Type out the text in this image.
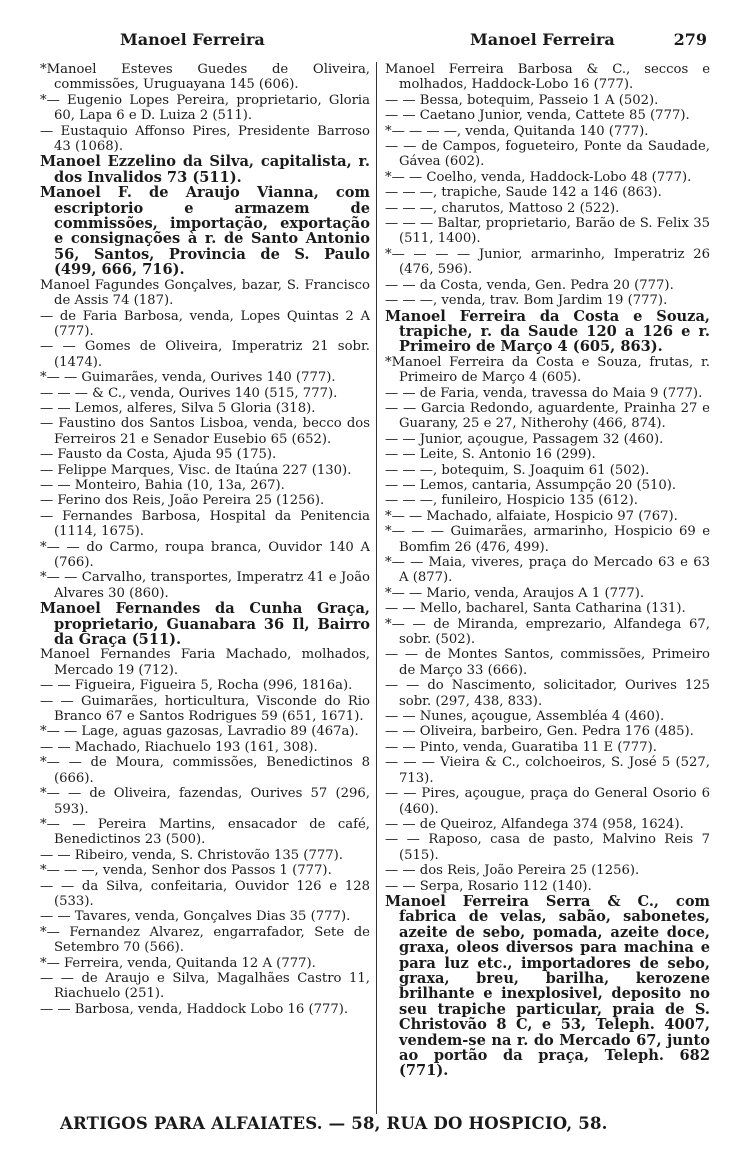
Manoel Ferreira	Manoel Ferreira	279

*Manoel Esteves Guedes de Oliveira, commissões, Uruguayana 145 (606).

*— Eugenio Lopes Pereira, proprietario, Gloria 60, Lapa 6 e D. Luiza 2 (511).

— Eustaquio Affonso Pires, Presidente Barroso 43 (1068).

Manoel Ezzelino da Silva, capitalista, r. dos Invalidos 73 (511).

Manoel F. de Araujo Vianna, com escriptorio e armazem de commissões, importação, exportação e consignações à r. de Santo Antonio 56, Santos, Provincia de S. Paulo (499, 666, 716).

Manoel Fagundes Gonçalves, bazar, S. Francisco de Assis 74 (187).

— de Faria Barbosa, venda, Lopes Quintas 2 A (777).

— — Gomes de Oliveira, Imperatriz 21 sobr. (1474).

*— — Guimarães, venda, Ourives 140 (777).

— — — & C., venda, Ourives 140 (515, 777).

— — Lemos, alferes, Silva 5 Gloria (318).

— Faustino dos Santos Lisboa, venda, becco dos Ferreiros 21 e Senador Eusebio 65 (652).

— Fausto da Costa, Ajuda 95 (175).

— Felippe Marques, Visc. de Itaúna 227 (130).

— — Monteiro, Bahia (10, 13a, 267).

— Ferino dos Reis, João Pereira 25 (1256).

— Fernandes Barbosa, Hospital da Penitencia (1114, 1675).

*— — do Carmo, roupa branca, Ouvidor 140 A (766).

*— — Carvalho, transportes, Imperatrz 41 e João Alvares 30 (860).

Manoel Fernandes da Cunha Graça, proprietario, Guanabara 36 Il, Bairro da Graça (511).

Manoel Fernandes Faria Machado, molhados, Mercado 19 (712).

— — Figueira, Figueira 5, Rocha (996, 1816a).

— — Guimarães, horticultura, Visconde do Rio Branco 67 e Santos Rodrigues 59 (651, 1671).

*— — Lage, aguas gazosas, Lavradio 89 (467a).

— — Machado, Riachuelo 193 (161, 308).

*— — de Moura, commissões, Benedictinos 8 (666).

*— — de Oliveira, fazendas, Ourives 57 (296, 593).

*— — Pereira Martins, ensacador de café, Benedictinos 23 (500).

— — Ribeiro, venda, S. Christovão 135 (777).

*— — —, venda, Senhor dos Passos 1 (777).

— — da Silva, confeitaria, Ouvidor 126 e 128 (533).

— — Tavares, venda, Gonçalves Dias 35 (777).

*— Fernandez Alvarez, engarrafador, Sete de Setembro 70 (566).

*— Ferreira, venda, Quitanda 12 A (777).

— — de Araujo e Silva, Magalhães Castro 11, Riachuelo (251).

— — Barbosa, venda, Haddock Lobo 16 (777).

Manoel Ferreira Barbosa & C., seccos e molhados, Haddock-Lobo 16 (777).

— — Bessa, botequim, Passeio 1 A (502).

— — Caetano Junior, venda, Cattete 85 (777).

*— — — —, venda, Quitanda 140 (777).

— — de Campos, fogueteiro, Ponte da Saudade, Gávea (602).

*— — Coelho, venda, Haddock-Lobo 48 (777).

— — —, trapiche, Saude 142 a 146 (863).

— — —, charutos, Mattoso 2 (522).

— — — Baltar, proprietario, Barão de S. Felix 35 (511, 1400).

*— — — — Junior, armarinho, Imperatriz 26 (476, 596).

— — da Costa, venda, Gen. Pedra 20 (777).

— — —, venda, trav. Bom Jardim 19 (777).

Manoel Ferreira da Costa e Souza, trapiche, r. da Saude 120 a 126 e r. Primeiro de Março 4 (605, 863).

*Manoel Ferreira da Costa e Souza, frutas, r. Primeiro de Março 4 (605).

— — de Faria, venda, travessa do Maia 9 (777).

— — Garcia Redondo, aguardente, Prainha 27 e Guarany, 25 e 27, Nitherohy (466, 874).

— — Junior, açougue, Passagem 32 (460).

— — Leite, S. Antonio 16 (299).

— — —, botequim, S. Joaquim 61 (502).

— — Lemos, cantaria, Assumpção 20 (510).

— — —, funileiro, Hospicio 135 (612).

*— — Machado, alfaiate, Hospicio 97 (767).

*— — — Guimarães, armarinho, Hospicio 69 e Bomfim 26 (476, 499).

*— — Maia, viveres, praça do Mercado 63 e 63 A (877).

*— — Mario, venda, Araujos A 1 (777).

— — Mello, bacharel, Santa Catharina (131).

*— — de Miranda, emprezario, Alfandega 67, sobr. (502).

— — de Montes Santos, commissões, Primeiro de Março 33 (666).

— — do Nascimento, solicitador, Ourives 125 sobr. (297, 438, 833).

— — Nunes, açougue, Assembléa 4 (460).

— — Oliveira, barbeiro, Gen. Pedra 176 (485).

— — Pinto, venda, Guaratiba 11 E (777).

— — — Vieira & C., colchoeiros, S. José 5 (527, 713).

— — Pires, açougue, praça do General Osorio 6 (460).

— — de Queiroz, Alfandega 374 (958, 1624).

— — Raposo, casa de pasto, Malvino Reis 7 (515).

— — dos Reis, João Pereira 25 (1256).

— — Serpa, Rosario 112 (140).

Manoel Ferreira Serra & C., com fabrica de velas, sabão, sabonetes, azeite de sebo, pomada, azeite doce, graxa, oleos diversos para machina e para luz etc., importadores de sebo, graxa, breu, barilha, kerozene brilhante e inexplosivel, deposito no seu trapiche particular, praia de S. Christovão 8 C, e 53, Teleph. 4007, vendem-se na r. do Mercado 67, junto ao portão da praça, Teleph. 682 (771).

ARTIGOS PARA ALFAIATES. — 58, RUA DO HOSPICIO, 58.
